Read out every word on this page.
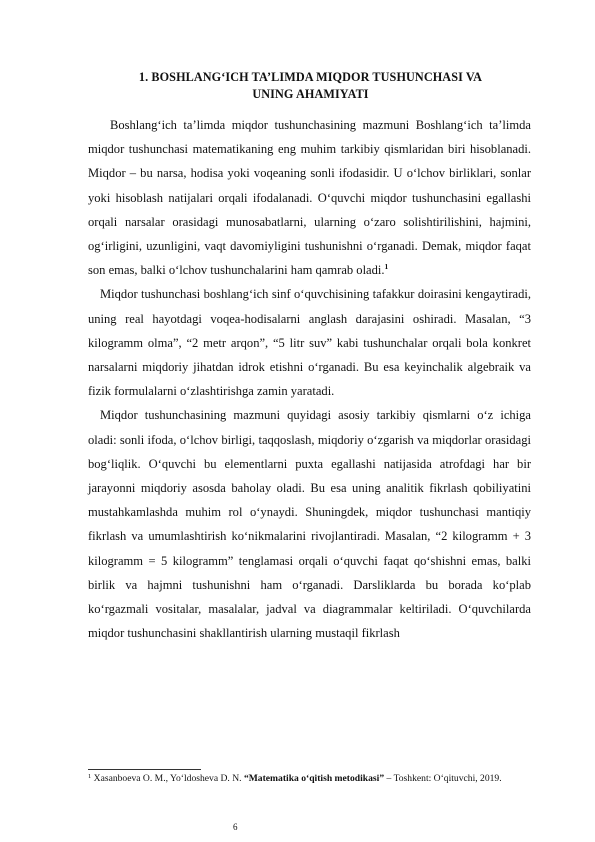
1. BOSHLANG‘ICH TA’LIMDA MIQDOR TUSHUNCHASI VA
UNING AHAMIYATI

Boshlang‘ich ta’limda miqdor tushunchasining mazmuni Boshlang‘ich ta’limda miqdor tushunchasi matematikaning eng muhim tarkibiy qismlaridan biri hisoblanadi. Miqdor – bu narsa, hodisa yoki voqeaning sonli ifodasidir. U o‘lchov birliklari, sonlar yoki hisoblash natijalari orqali ifodalanadi. O‘quvchi miqdor tushunchasini egallashi orqali narsalar orasidagi munosabatlarni, ularning o‘zaro solishtirilishini, hajmini, og‘irligini, uzunligini, vaqt davomiyligini tushunishni o‘rganadi. Demak, miqdor faqat son emas, balki o‘lchov tushunchalarini ham qamrab oladi.$^1$

Miqdor tushunchasi boshlang‘ich sinf o‘quvchisining tafakkur doirasini kengaytiradi, uning real hayotdagi voqea-hodisalarni anglash darajasini oshiradi. Masalan, “3 kilogramm olma”, “2 metr arqon”, “5 litr suv” kabi tushunchalar orqali bola konkret narsalarni miqdoriy jihatdan idrok etishni o‘rganadi. Bu esa keyinchalik algebraik va fizik formulalarni o‘zlashtirishga zamin yaratadi.

Miqdor tushunchasining mazmuni quyidagi asosiy tarkibiy qismlarni o‘z ichiga oladi: sonli ifoda, o‘lchov birligi, taqqoslash, miqdoriy o‘zgarish va miqdorlar orasidagi bog‘liqlik. O‘quvchi bu elementlarni puxta egallashi natijasida atrofdagi har bir jarayonni miqdoriy asosda baholay oladi. Bu esa uning analitik fikrlash qobiliyatini mustahkamlashda muhim rol o‘ynaydi. Shuningdek, miqdor tushunchasi mantiqiy fikrlash va umumlashtirish ko‘nikmalarini rivojlantiradi. Masalan, “2 kilogramm + 3 kilogramm = 5 kilogramm” tenglamasi orqali o‘quvchi faqat qo‘shishni emas, balki birlik va hajmni tushunishni ham o‘rganadi. Darsliklarda bu borada ko‘plab ko‘rgazmali vositalar, masalalar, jadval va diagrammalar keltiriladi. O‘quvchilarda miqdor tushunchasini shakllantirish ularning mustaqil fikrlash

$^1$ Xasanboeva O. M., Yo‘ldosheva D. N. “Matematika o‘qitish metodikasi” – Toshkent: O‘qituvchi, 2019.
6
